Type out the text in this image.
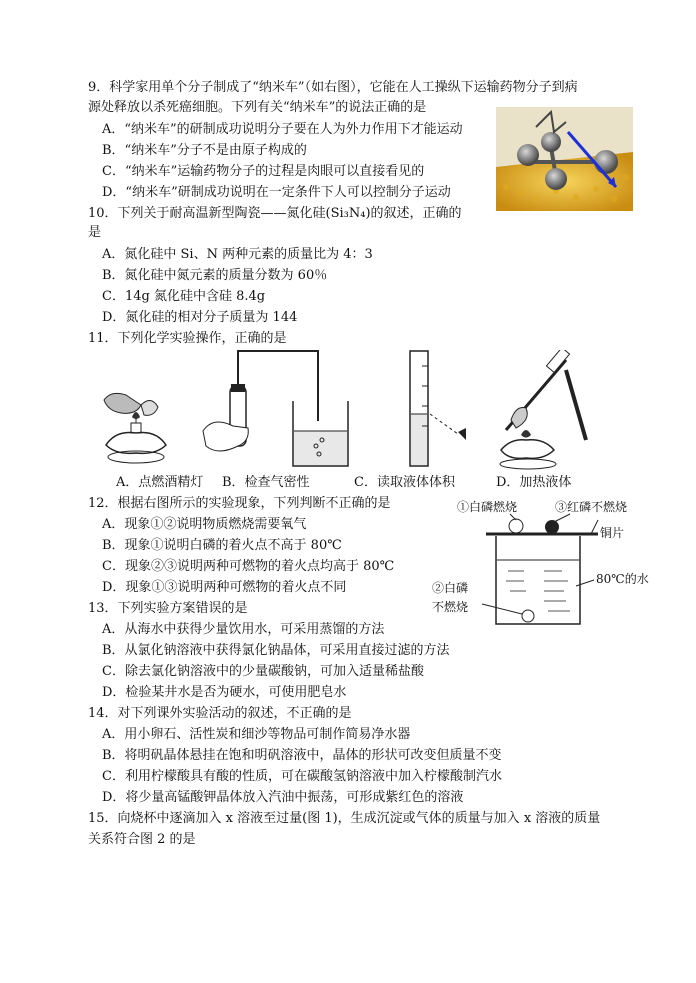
9．科学家用单个分子制成了“纳米车”（如右图），它能在人工操纵下运输药物分子到病
源处释放以杀死癌细胞。下列有关“纳米车”的说法正确的是
A．“纳米车”的研制成功说明分子要在人为外力作用下才能运动
B．“纳米车”分子不是由原子构成的
C．“纳米车”运输药物分子的过程是肉眼可以直接看见的
D．“纳米车”研制成功说明在一定条件下人可以控制分子运动
10．下列关于耐高温新型陶瓷——氮化硅(Si₃N₄)的叙述，正确的
是
A．氮化硅中 Si、N 两种元素的质量比为 4：3
B．氮化硅中氮元素的质量分数为 60％
C．14g 氮化硅中含硅 8.4g
D．氮化硅的相对分子质量为 144
11．下列化学实验操作，正确的是
A．点燃酒精灯 B．检查气密性	C．读取液体体积	D．加热液体
12．根据右图所示的实验现象，下列判断不正确的是
A．现象①②说明物质燃烧需要氧气
B．现象①说明白磷的着火点不高于 80℃
C．现象②③说明两种可燃物的着火点均高于 80℃
D．现象①③说明两种可燃物的着火点不同
①白磷燃烧	③红磷不燃烧
铜片
80℃的水
②白磷
不燃烧
13．下列实验方案错误的是
A．从海水中获得少量饮用水，可采用蒸馏的方法
B．从氯化钠溶液中获得氯化钠晶体，可采用直接过滤的方法
C．除去氯化钠溶液中的少量碳酸钠，可加入适量稀盐酸
D．检验某井水是否为硬水，可使用肥皂水
14．对下列课外实验活动的叙述，不正确的是
A．用小卵石、活性炭和细沙等物品可制作简易净水器
B．将明矾晶体悬挂在饱和明矾溶液中，晶体的形状可改变但质量不变
C．利用柠檬酸具有酸的性质，可在碳酸氢钠溶液中加入柠檬酸制汽水
D．将少量高锰酸钾晶体放入汽油中振荡，可形成紫红色的溶液
15．向烧杯中逐滴加入 x 溶液至过量(图 1)，生成沉淀或气体的质量与加入 x 溶液的质量
关系符合图 2 的是
